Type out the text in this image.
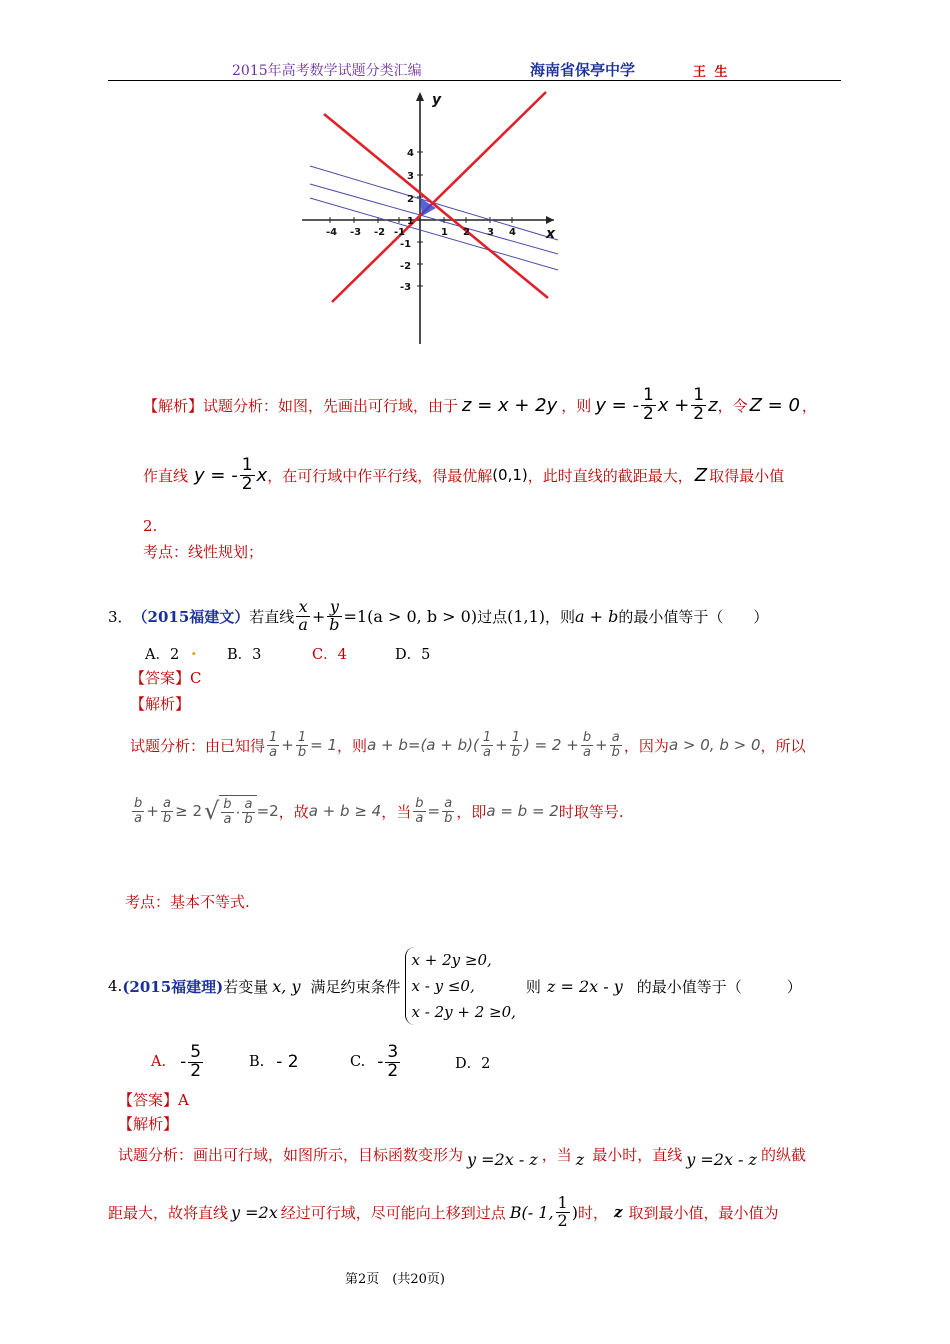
2015年高考数学试题分类汇编	海南省保亭中学	王 生
y
x
-4 -3 -2 -1	1 2 3 4
4
3
2
1
-1
-2
-3
【解析】 试题分析：如图，先画出可行域，由于 z = x + 2y ，则 y = - $\frac{1}{2}$ $x + \frac{1}{2}$ z ，令 Z = 0 ，
作直线 y = - $\frac{1}{2}$ x ，在可行域中作平行线，得最优解 (0,1) ，此时直线的截距最大， Z 取得最小值
2.
考点：线性规划；
3． （2015福建文） 若直线 $\frac{x}{a} + \frac{y}{b} =1(a > 0$, b > 0) 过点 (1,1) ，则 a + b 的最小值等于（　　）
A．2 . B．3	C．4	D．5
【答案】C
【解析】
试题分析：由已知得 $\frac{1}{a} + \frac{1}{b} = 1$ ，则 $a + b=(a + b)( \frac{1}{a} + \frac{1}{b}$ ) = $2 + \frac{b}{a} + \frac{a}{b}$ ，因为 a > 0, b > 0 ，所以
$\frac{b}{a} + \frac{a}{b} \ge 2$ √ $\frac{b}{a} \cdot \frac{a}{b} =2$ ，故 a + b ≥ 4 ，当 $\frac{b}{a} = \frac{a}{b}$ ，即 a = b = 2 时取等号.
考点：基本不等式.
4. (2015福建理) 若变量 x, y 满足约束条件
x + 2y ≥0,
x - y ≤0,
x - 2y + 2 ≥0,
则 z = 2x - y 的最小值等于（　　　）
A. - $\frac{5}{2}$	B. - 2	C. - $\frac{3}{2}$	D．2
【答案】A
【解析】
试题分析：画出可行域，如图所示，目标函数变形为 y =2x - z ，当 z 最小时，直线 y =2x - z 的纵截
距最大，故将直线 y =2x 经过可行域，尽可能向上移到过点 B(- 1, $\frac{1}{2}$ ) 时， z 取到最小值，最小值为
第2页　(共20页)
